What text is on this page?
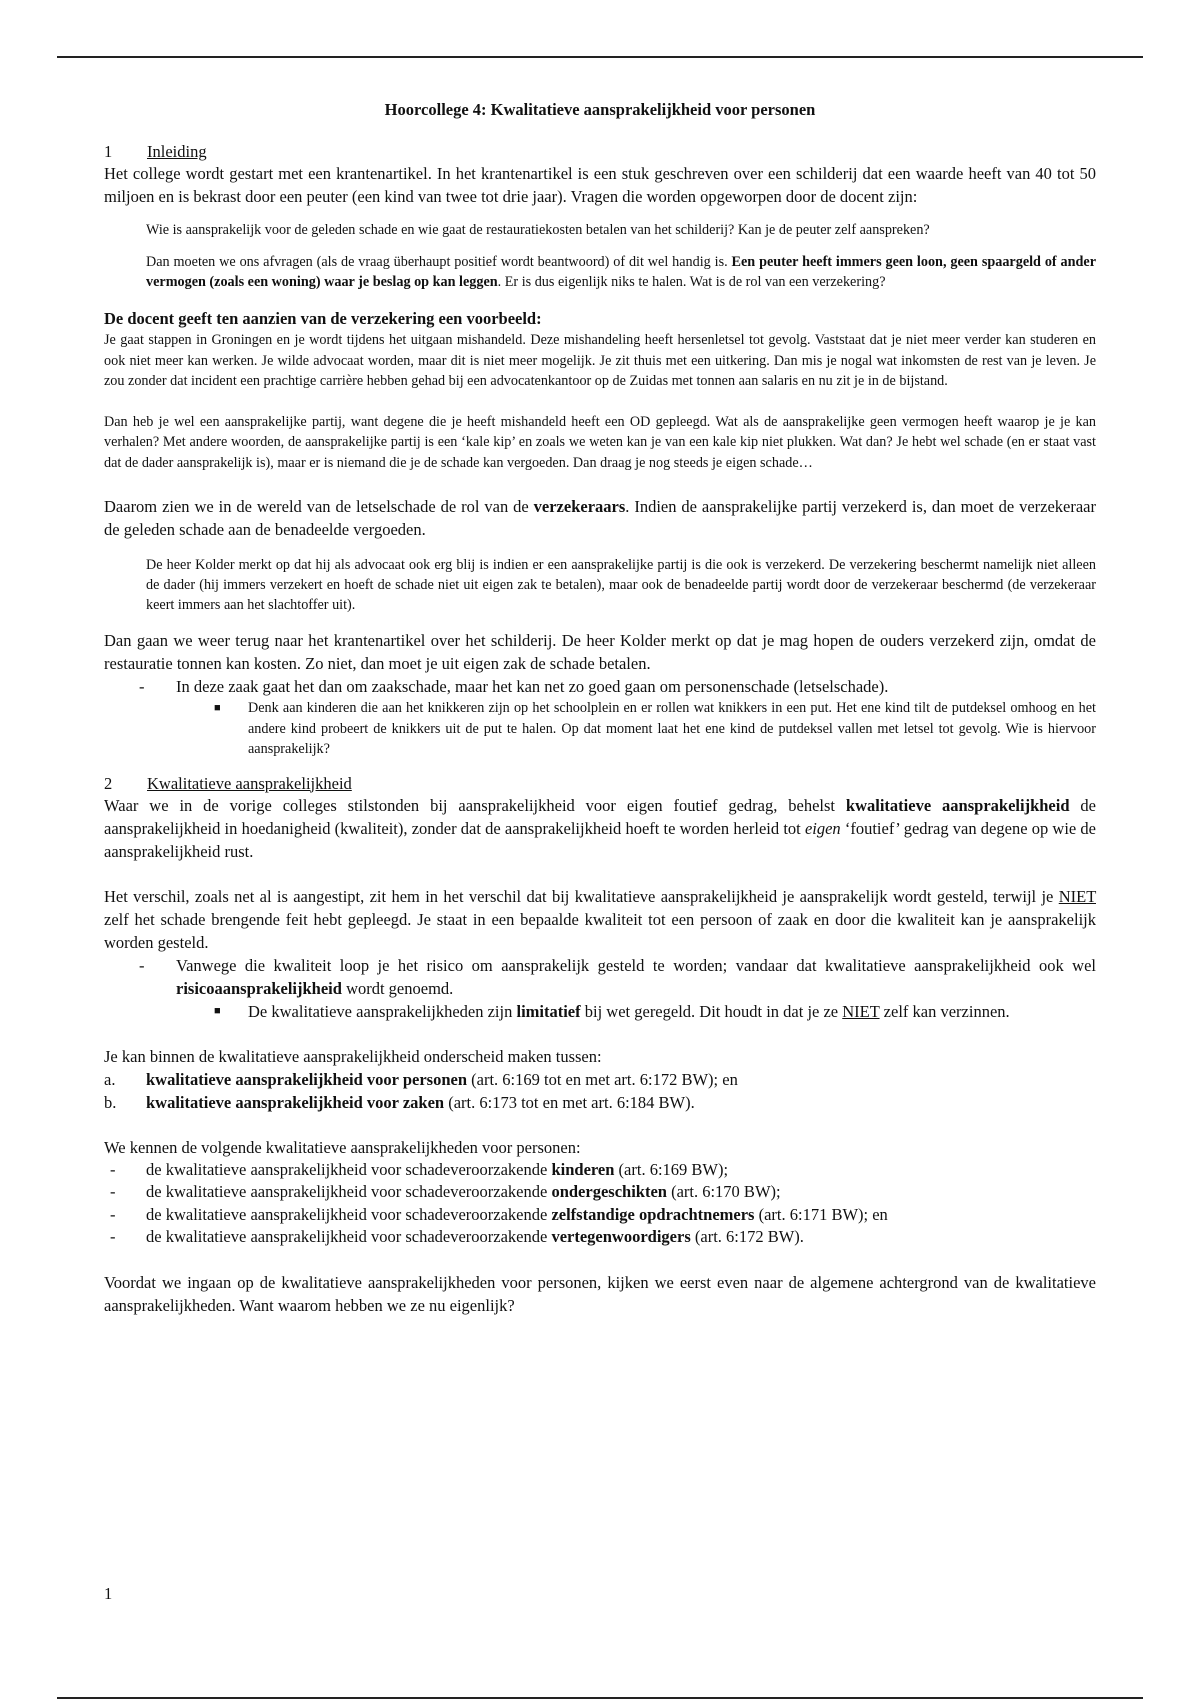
Hoorcollege 4: Kwalitatieve aansprakelijkheid voor personen

1 Inleiding

Het college wordt gestart met een krantenartikel. In het krantenartikel is een stuk geschreven over een schilderij dat een waarde heeft van 40 tot 50 miljoen en is bekrast door een peuter (een kind van twee tot drie jaar). Vragen die worden opgeworpen door de docent zijn:

Wie is aansprakelijk voor de geleden schade en wie gaat de restauratiekosten betalen van het schilderij? Kan je de peuter zelf aanspreken?

Dan moeten we ons afvragen (als de vraag überhaupt positief wordt beantwoord) of dit wel handig is. Een peuter heeft immers geen loon, geen spaargeld of ander vermogen (zoals een woning) waar je beslag op kan leggen. Er is dus eigenlijk niks te halen. Wat is de rol van een verzekering?

De docent geeft ten aanzien van de verzekering een voorbeeld:

Je gaat stappen in Groningen en je wordt tijdens het uitgaan mishandeld. Deze mishandeling heeft hersenletsel tot gevolg. Vaststaat dat je niet meer verder kan studeren en ook niet meer kan werken. Je wilde advocaat worden, maar dit is niet meer mogelijk. Je zit thuis met een uitkering. Dan mis je nogal wat inkomsten de rest van je leven. Je zou zonder dat incident een prachtige carrière hebben gehad bij een advocatenkantoor op de Zuidas met tonnen aan salaris en nu zit je in de bijstand.

Dan heb je wel een aansprakelijke partij, want degene die je heeft mishandeld heeft een OD gepleegd. Wat als de aansprakelijke geen vermogen heeft waarop je je kan verhalen? Met andere woorden, de aansprakelijke partij is een ‘kale kip’ en zoals we weten kan je van een kale kip niet plukken. Wat dan? Je hebt wel schade (en er staat vast dat de dader aansprakelijk is), maar er is niemand die je de schade kan vergoeden. Dan draag je nog steeds je eigen schade…

Daarom zien we in de wereld van de letselschade de rol van de verzekeraars. Indien de aansprakelijke partij verzekerd is, dan moet de verzekeraar de geleden schade aan de benadeelde vergoeden.

De heer Kolder merkt op dat hij als advocaat ook erg blij is indien er een aansprakelijke partij is die ook is verzekerd. De verzekering beschermt namelijk niet alleen de dader (hij immers verzekert en hoeft de schade niet uit eigen zak te betalen), maar ook de benadeelde partij wordt door de verzekeraar beschermd (de verzekeraar keert immers aan het slachtoffer uit).

Dan gaan we weer terug naar het krantenartikel over het schilderij. De heer Kolder merkt op dat je mag hopen de ouders verzekerd zijn, omdat de restauratie tonnen kan kosten. Zo niet, dan moet je uit eigen zak de schade betalen.

- In deze zaak gaat het dan om zaakschade, maar het kan net zo goed gaan om personenschade (letselschade).
■ Denk aan kinderen die aan het knikkeren zijn op het schoolplein en er rollen wat knikkers in een put. Het ene kind tilt de putdeksel omhoog en het andere kind probeert de knikkers uit de put te halen. Op dat moment laat het ene kind de putdeksel vallen met letsel tot gevolg. Wie is hiervoor aansprakelijk?

2 Kwalitatieve aansprakelijkheid

Waar we in de vorige colleges stilstonden bij aansprakelijkheid voor eigen foutief gedrag, behelst kwalitatieve aansprakelijkheid de aansprakelijkheid in hoedanigheid (kwaliteit), zonder dat de aansprakelijkheid hoeft te worden herleid tot eigen ‘foutief’ gedrag van degene op wie de aansprakelijkheid rust.

Het verschil, zoals net al is aangestipt, zit hem in het verschil dat bij kwalitatieve aansprakelijkheid je aansprakelijk wordt gesteld, terwijl je NIET zelf het schade brengende feit hebt gepleegd. Je staat in een bepaalde kwaliteit tot een persoon of zaak en door die kwaliteit kan je aansprakelijk worden gesteld.

- Vanwege die kwaliteit loop je het risico om aansprakelijk gesteld te worden; vandaar dat kwalitatieve aansprakelijkheid ook wel risicoaansprakelijkheid wordt genoemd.
■ De kwalitatieve aansprakelijkheden zijn limitatief bij wet geregeld. Dit houdt in dat je ze NIET zelf kan verzinnen.

Je kan binnen de kwalitatieve aansprakelijkheid onderscheid maken tussen:

a. kwalitatieve aansprakelijkheid voor personen (art. 6:169 tot en met art. 6:172 BW); en
b. kwalitatieve aansprakelijkheid voor zaken (art. 6:173 tot en met art. 6:184 BW).

We kennen de volgende kwalitatieve aansprakelijkheden voor personen:

- de kwalitatieve aansprakelijkheid voor schadeveroorzakende kinderen (art. 6:169 BW);
- de kwalitatieve aansprakelijkheid voor schadeveroorzakende ondergeschikten (art. 6:170 BW);
- de kwalitatieve aansprakelijkheid voor schadeveroorzakende zelfstandige opdrachtnemers (art. 6:171 BW); en
- de kwalitatieve aansprakelijkheid voor schadeveroorzakende vertegenwoordigers (art. 6:172 BW).

Voordat we ingaan op de kwalitatieve aansprakelijkheden voor personen, kijken we eerst even naar de algemene achtergrond van de kwalitatieve aansprakelijkheden. Want waarom hebben we ze nu eigenlijk?

1
